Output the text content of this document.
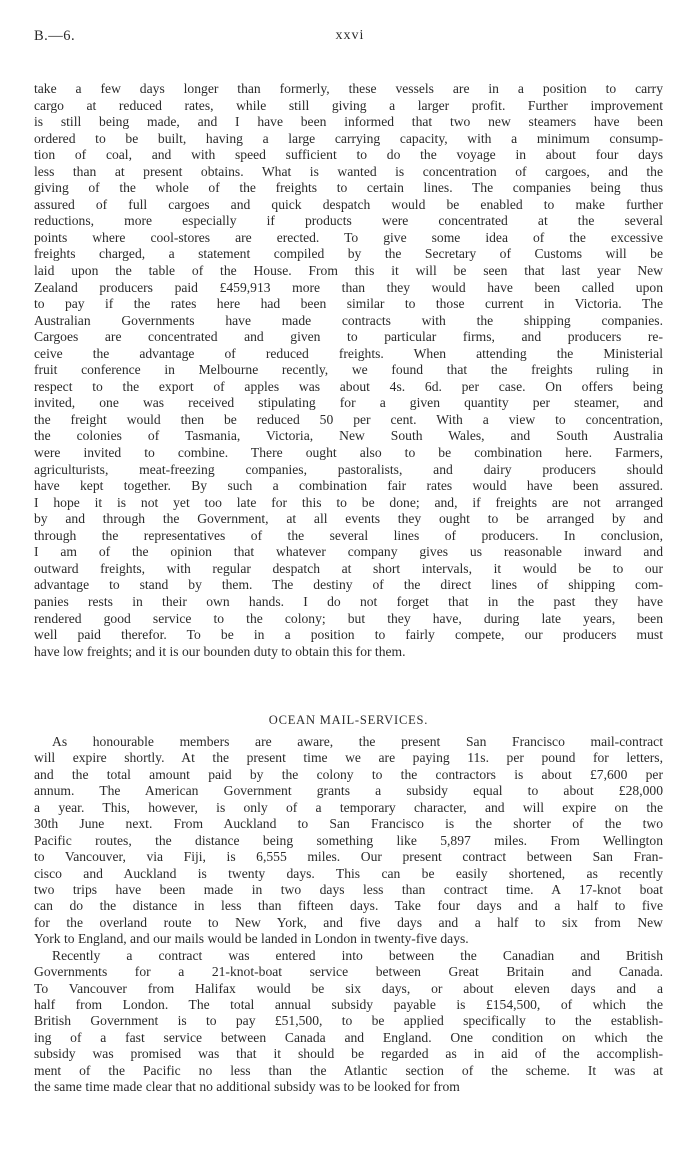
B.—6.	xxvi
take a few days longer than formerly, these vessels are in a position to carry
cargo at reduced rates, while still giving a larger profit. Further improvement
is still being made, and I have been informed that two new steamers have been
ordered to be built, having a large carrying capacity, with a minimum consump-
tion of coal, and with speed sufficient to do the voyage in about four days
less than at present obtains. What is wanted is concentration of cargoes, and the
giving of the whole of the freights to certain lines. The companies being thus
assured of full cargoes and quick despatch would be enabled to make further
reductions, more especially if products were concentrated at the several
points where cool-stores are erected. To give some idea of the excessive
freights charged, a statement compiled by the Secretary of Customs will be
laid upon the table of the House. From this it will be seen that last year New
Zealand producers paid £459,913 more than they would have been called upon
to pay if the rates here had been similar to those current in Victoria. The
Australian Governments have made contracts with the shipping companies.
Cargoes are concentrated and given to particular firms, and producers re-
ceive the advantage of reduced freights. When attending the Ministerial
fruit conference in Melbourne recently, we found that the freights ruling in
respect to the export of apples was about 4s. 6d. per case. On offers being
invited, one was received stipulating for a given quantity per steamer, and
the freight would then be reduced 50 per cent. With a view to concentration,
the colonies of Tasmania, Victoria, New South Wales, and South Australia
were invited to combine. There ought also to be combination here. Farmers,
agriculturists, meat-freezing companies, pastoralists, and dairy producers should
have kept together. By such a combination fair rates would have been assured.
I hope it is not yet too late for this to be done; and, if freights are not arranged
by and through the Government, at all events they ought to be arranged by and
through the representatives of the several lines of producers. In conclusion,
I am of the opinion that whatever company gives us reasonable inward and
outward freights, with regular despatch at short intervals, it would be to our
advantage to stand by them. The destiny of the direct lines of shipping com-
panies rests in their own hands. I do not forget that in the past they have
rendered good service to the colony; but they have, during late years, been
well paid therefor. To be in a position to fairly compete, our producers must
have low freights; and it is our bounden duty to obtain this for them.
OCEAN MAIL-SERVICES.
As honourable members are aware, the present San Francisco mail-contract
will expire shortly. At the present time we are paying 11s. per pound for letters,
and the total amount paid by the colony to the contractors is about £7,600 per
annum. The American Government grants a subsidy equal to about £28,000
a year. This, however, is only of a temporary character, and will expire on the
30th June next. From Auckland to San Francisco is the shorter of the two
Pacific routes, the distance being something like 5,897 miles. From Wellington
to Vancouver, via Fiji, is 6,555 miles. Our present contract between San Fran-
cisco and Auckland is twenty days. This can be easily shortened, as recently
two trips have been made in two days less than contract time. A 17-knot boat
can do the distance in less than fifteen days. Take four days and a half to five
for the overland route to New York, and five days and a half to six from New
York to England, and our mails would be landed in London in twenty-five days.
Recently a contract was entered into between the Canadian and British
Governments for a 21-knot-boat service between Great Britain and Canada.
To Vancouver from Halifax would be six days, or about eleven days and a
half from London. The total annual subsidy payable is £154,500, of which the
British Government is to pay £51,500, to be applied specifically to the establish-
ing of a fast service between Canada and England. One condition on which the
subsidy was promised was that it should be regarded as in aid of the accomplish-
ment of the Pacific no less than the Atlantic section of the scheme. It was at
the same time made clear that no additional subsidy was to be looked for from
